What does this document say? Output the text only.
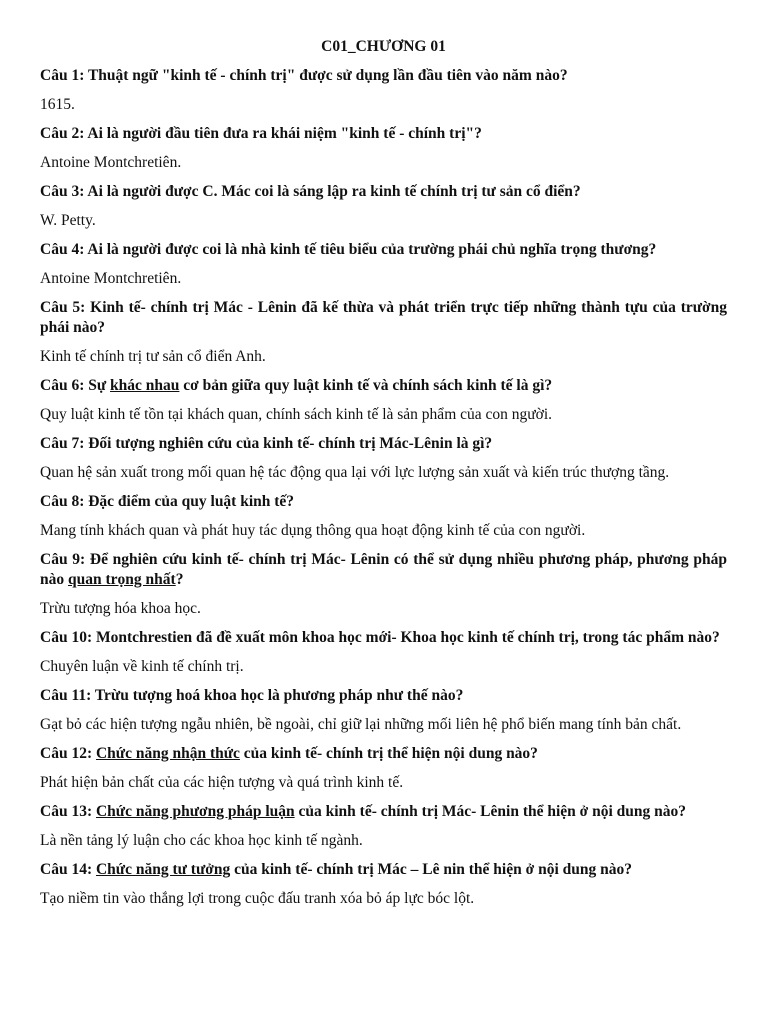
C01_CHƯƠNG 01

Câu 1: Thuật ngữ "kinh tế - chính trị" được sử dụng lần đầu tiên vào năm nào?

1615.

Câu 2: Ai là người đầu tiên đưa ra khái niệm "kinh tế - chính trị"?

Antoine Montchretiên.

Câu 3: Ai là người được C. Mác coi là sáng lập ra kinh tế chính trị tư sản cổ điển?

W. Petty.

Câu 4: Ai là người được coi là nhà kinh tế tiêu biểu của trường phái chủ nghĩa trọng thương?

Antoine Montchretiên.

Câu 5: Kinh tế- chính trị Mác - Lênin đã kế thừa và phát triển trực tiếp những thành tựu của trường phái nào?

Kinh tế chính trị tư sản cổ điển Anh.

Câu 6: Sự khác nhau cơ bản giữa quy luật kinh tế và chính sách kinh tế là gì?

Quy luật kinh tế tồn tại khách quan, chính sách kinh tế là sản phẩm của con người.

Câu 7: Đối tượng nghiên cứu của kinh tế- chính trị Mác-Lênin là gì?

Quan hệ sản xuất trong mối quan hệ tác động qua lại với lực lượng sản xuất và kiến trúc thượng tầng.

Câu 8: Đặc điểm của quy luật kinh tế?

Mang tính khách quan và phát huy tác dụng thông qua hoạt động kinh tế của con người.

Câu 9: Để nghiên cứu kinh tế- chính trị Mác- Lênin có thể sử dụng nhiều phương pháp, phương pháp nào quan trọng nhất?

Trừu tượng hóa khoa học.

Câu 10: Montchrestien đã đề xuất môn khoa học mới- Khoa học kinh tế chính trị, trong tác phẩm nào?

Chuyên luận về kinh tế chính trị.

Câu 11: Trừu tượng hoá khoa học là phương pháp như thế nào?

Gạt bỏ các hiện tượng ngẫu nhiên, bề ngoài, chỉ giữ lại những mối liên hệ phổ biến mang tính bản chất.

Câu 12: Chức năng nhận thức của kinh tế- chính trị thể hiện nội dung nào?

Phát hiện bản chất của các hiện tượng và quá trình kinh tế.

Câu 13: Chức năng phương pháp luận của kinh tế- chính trị Mác- Lênin thể hiện ở nội dung nào?

Là nền tảng lý luận cho các khoa học kinh tế ngành.

Câu 14: Chức năng tư tưởng của kinh tế- chính trị Mác – Lê nin thể hiện ở nội dung nào?

Tạo niềm tin vào thắng lợi trong cuộc đấu tranh xóa bỏ áp lực bóc lột.
